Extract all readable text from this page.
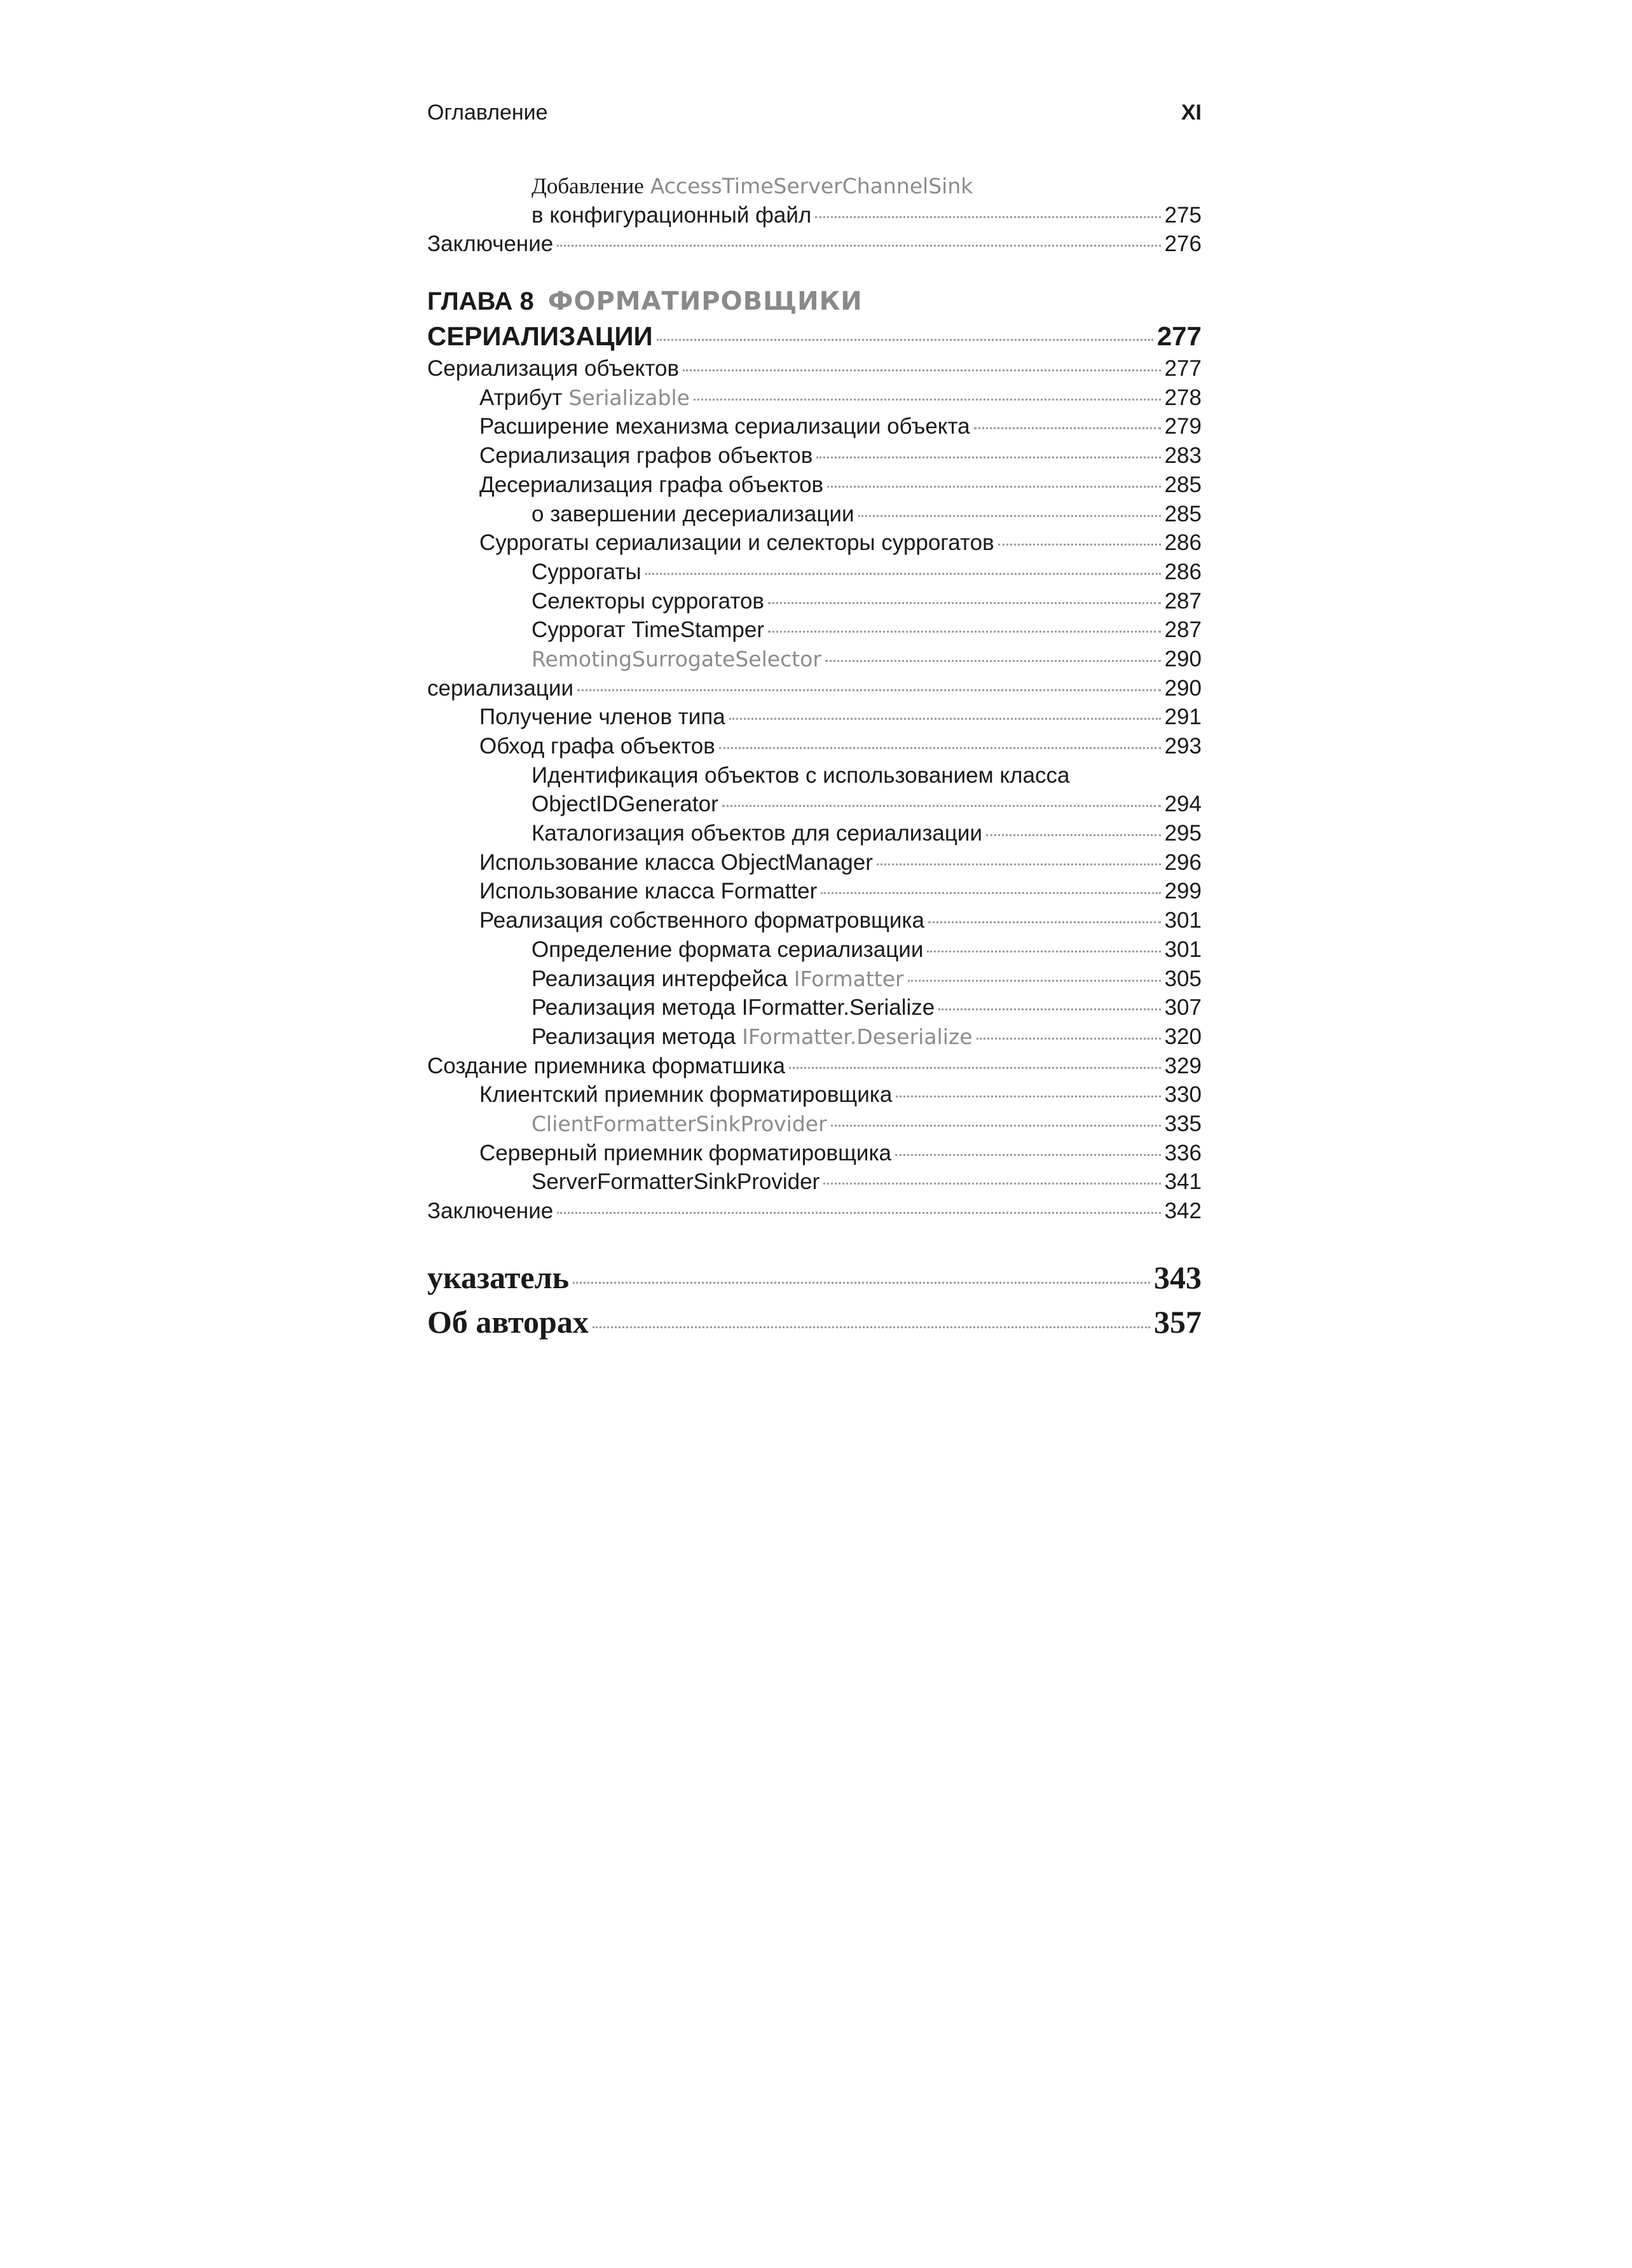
Оглавление	XI
Добавление AccessTimeServerChannelSink
в конфигурационный файл	275
Заключение	276
ГЛАВА 8 ФОРМАТИРОВЩИКИ
СЕРИАЛИЗАЦИИ	277
Сериализация объектов	277
Атрибут Serializable	278
Расширение механизма сериализации объекта	279
Сериализация графов объектов	283
Десериализация графа объектов	285
о завершении десериализации	285
Суррогаты сериализации и селекторы суррогатов	286
Суррогаты	286
Селекторы суррогатов	287
Суррогат TimeStamper	287
RemotingSurrogateSelector	290
сериализации	290
Получение членов типа	291
Обход графа объектов	293
Идентификация объектов с использованием класса
ObjectIDGenerator	294
Каталогизация объектов для сериализации	295
Использование класса ObjectManager	296
Использование класса Formatter	299
Реализация собственного форматровщика	301
Определение формата сериализации	301
Реализация интерфейса IFormatter	305
Реализация метода IFormatter.Serialize	307
Реализация метода IFormatter.Deserialize	320
Создание приемника форматшика	329
Клиентский приемник форматировщика	330
ClientFormatterSinkProvider	335
Серверный приемник форматировщика	336
ServerFormatterSinkProvider	341
Заключение	342
указатель	343
Об авторах	357
